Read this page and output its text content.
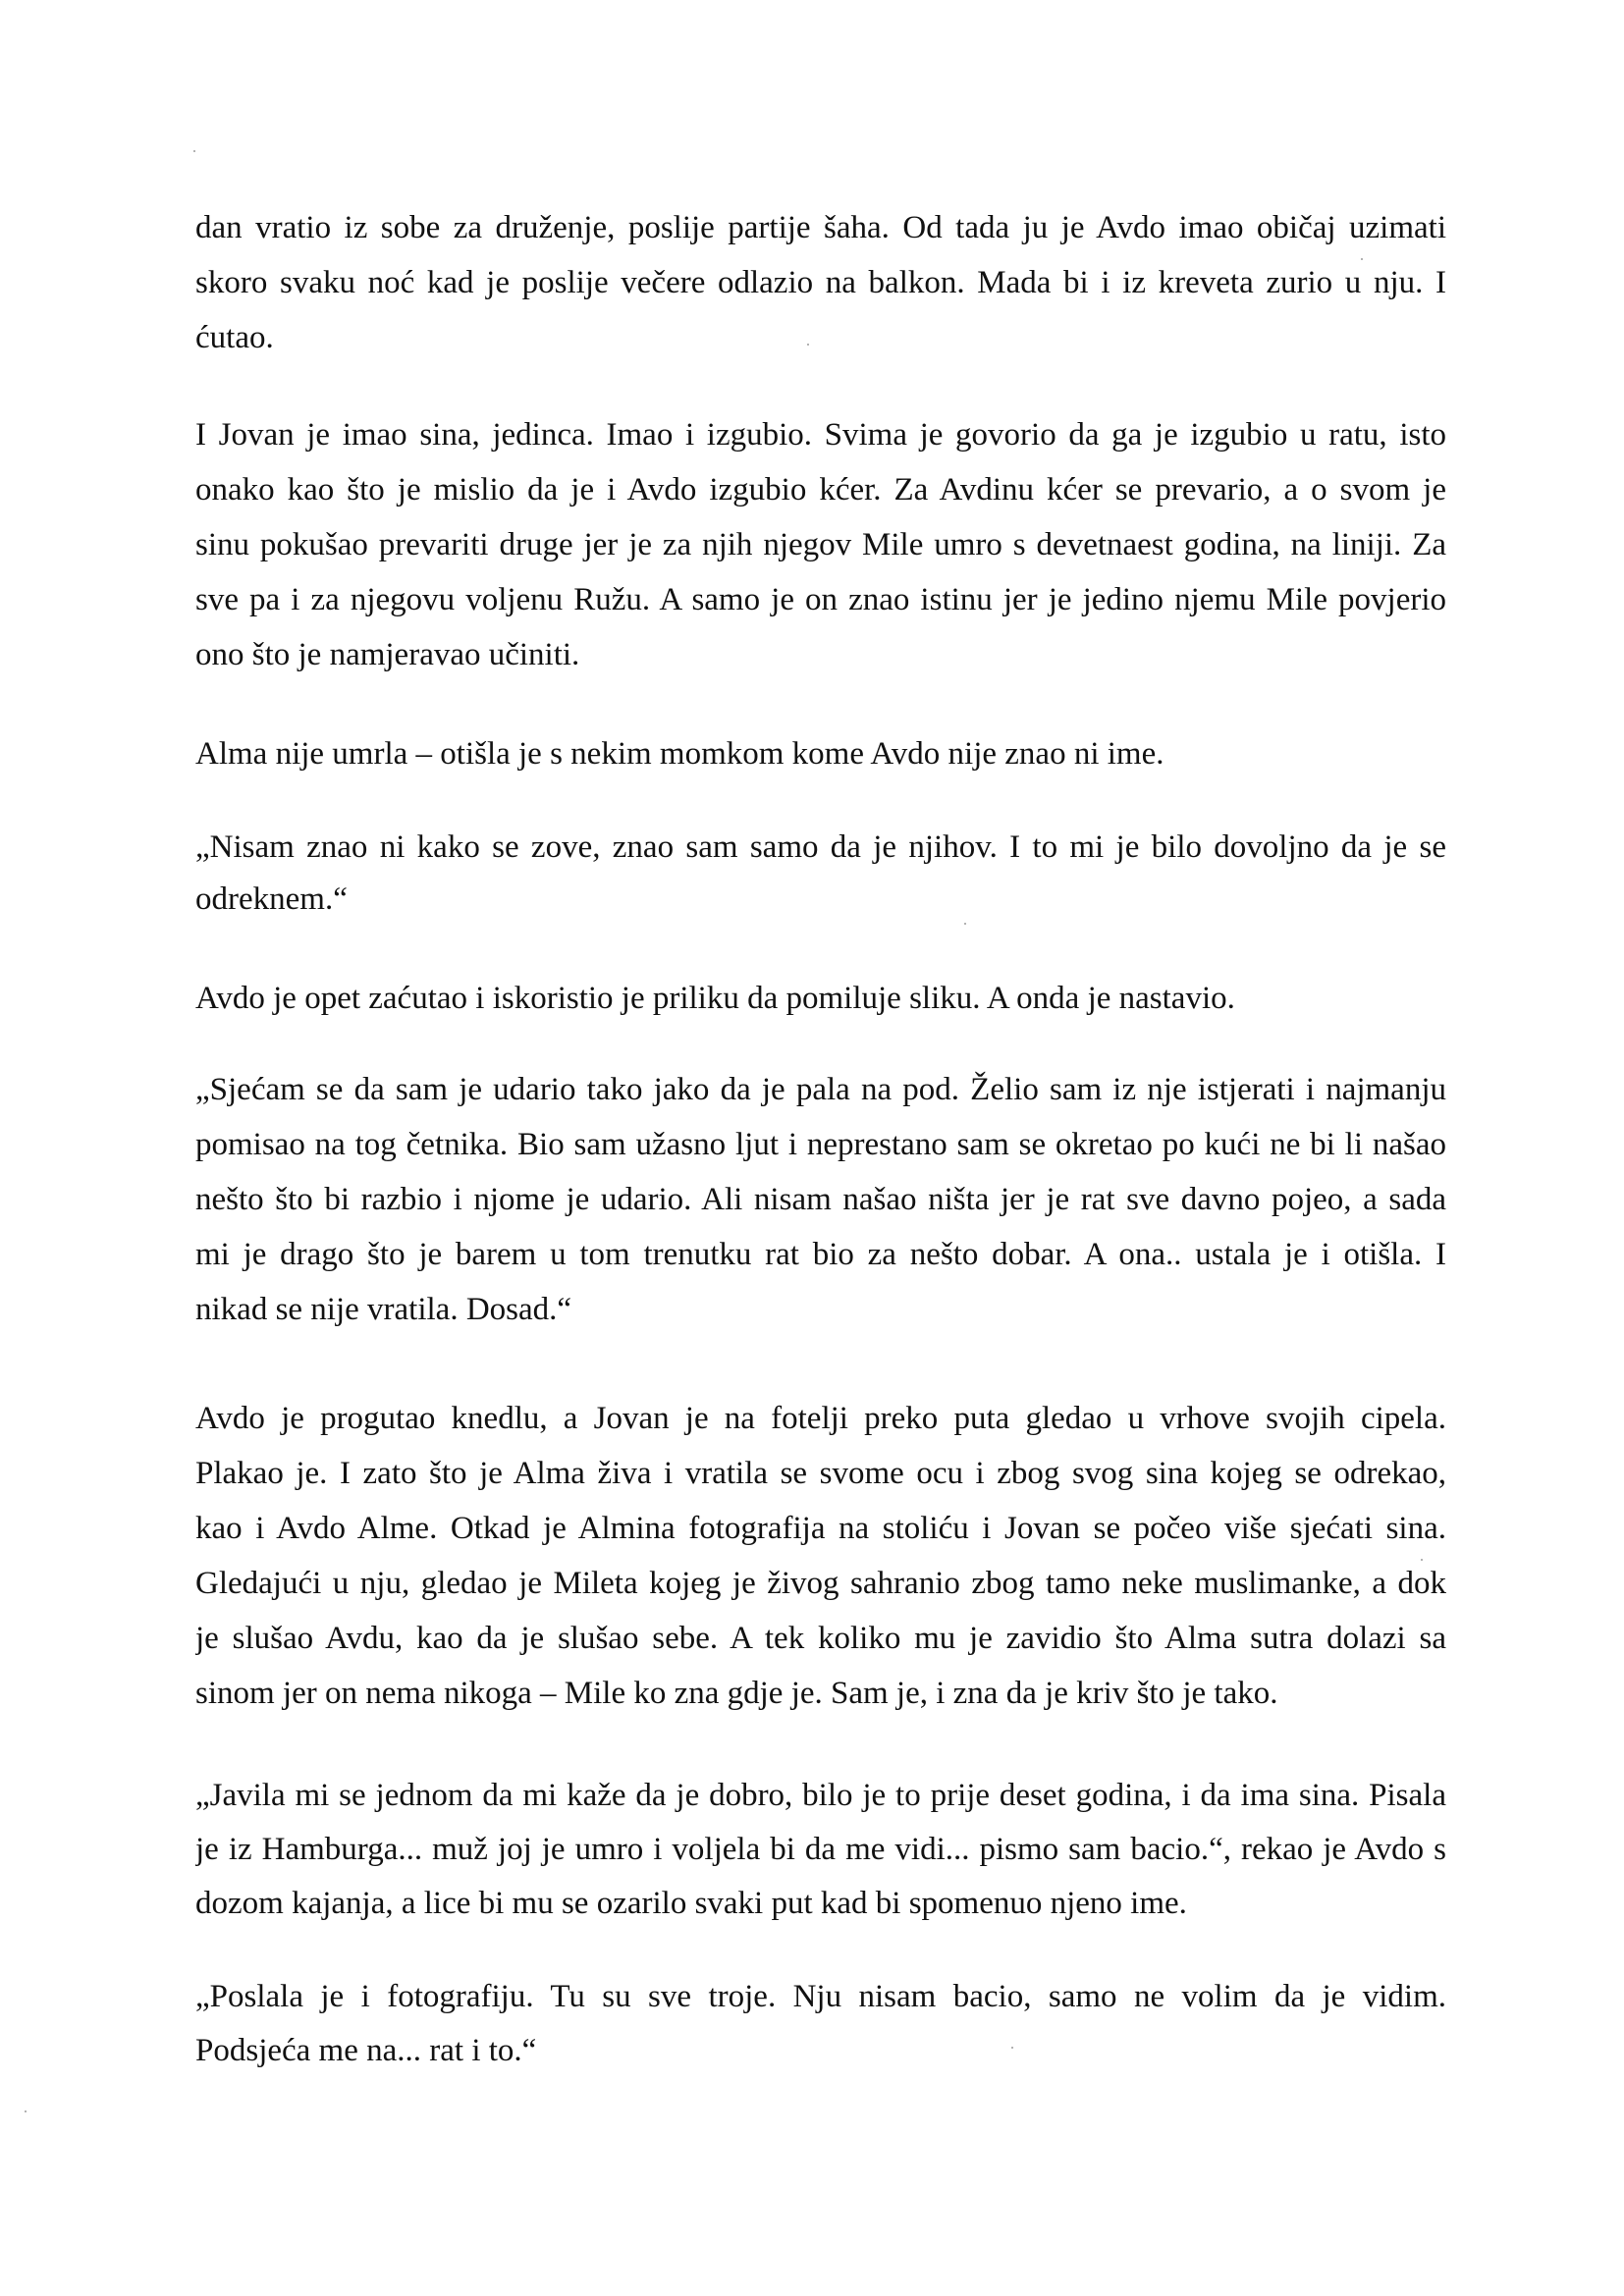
dan vratio iz sobe za druženje, poslije partije šaha. Od tada ju je Avdo imao običaj uzimati
skoro svaku noć kad je poslije večere odlazio na balkon. Mada bi i iz kreveta zurio u nju. I
ćutao.

I Jovan je imao sina, jedinca. Imao i izgubio. Svima je govorio da ga je izgubio u ratu, isto
onako kao što je mislio da je i Avdo izgubio kćer. Za Avdinu kćer se prevario, a o svom je
sinu pokušao prevariti druge jer je za njih njegov Mile umro s devetnaest godina, na liniji. Za
sve pa i za njegovu voljenu Ružu. A samo je on znao istinu jer je jedino njemu Mile povjerio
ono što je namjeravao učiniti.

Alma nije umrla – otišla je s nekim momkom kome Avdo nije znao ni ime.

„Nisam znao ni kako se zove, znao sam samo da je njihov. I to mi je bilo dovoljno da je se
odreknem.“

Avdo je opet zaćutao i iskoristio je priliku da pomiluje sliku. A onda je nastavio.

„Sjećam se da sam je udario tako jako da je pala na pod. Želio sam iz nje istjerati i najmanju
pomisao na tog četnika. Bio sam užasno ljut i neprestano sam se okretao po kući ne bi li našao
nešto što bi razbio i njome je udario. Ali nisam našao ništa jer je rat sve davno pojeo, a sada
mi je drago što je barem u tom trenutku rat bio za nešto dobar. A ona.. ustala je i otišla. I
nikad se nije vratila. Dosad.“

Avdo je progutao knedlu, a Jovan je na fotelji preko puta gledao u vrhove svojih cipela.
Plakao je. I zato što je Alma živa i vratila se svome ocu i zbog svog sina kojeg se odrekao,
kao i Avdo Alme. Otkad je Almina fotografija na stoliću i Jovan se počeo više sjećati sina.
Gledajući u nju, gledao je Mileta kojeg je živog sahranio zbog tamo neke muslimanke, a dok
je slušao Avdu, kao da je slušao sebe. A tek koliko mu je zavidio što Alma sutra dolazi sa
sinom jer on nema nikoga – Mile ko zna gdje je. Sam je, i zna da je kriv što je tako.

„Javila mi se jednom da mi kaže da je dobro, bilo je to prije deset godina, i da ima sina. Pisala
je iz Hamburga... muž joj je umro i voljela bi da me vidi... pismo sam bacio.“, rekao je Avdo s
dozom kajanja, a lice bi mu se ozarilo svaki put kad bi spomenuo njeno ime.

„Poslala je i fotografiju. Tu su sve troje. Nju nisam bacio, samo ne volim da je vidim.
Podsjeća me na... rat i to.“
